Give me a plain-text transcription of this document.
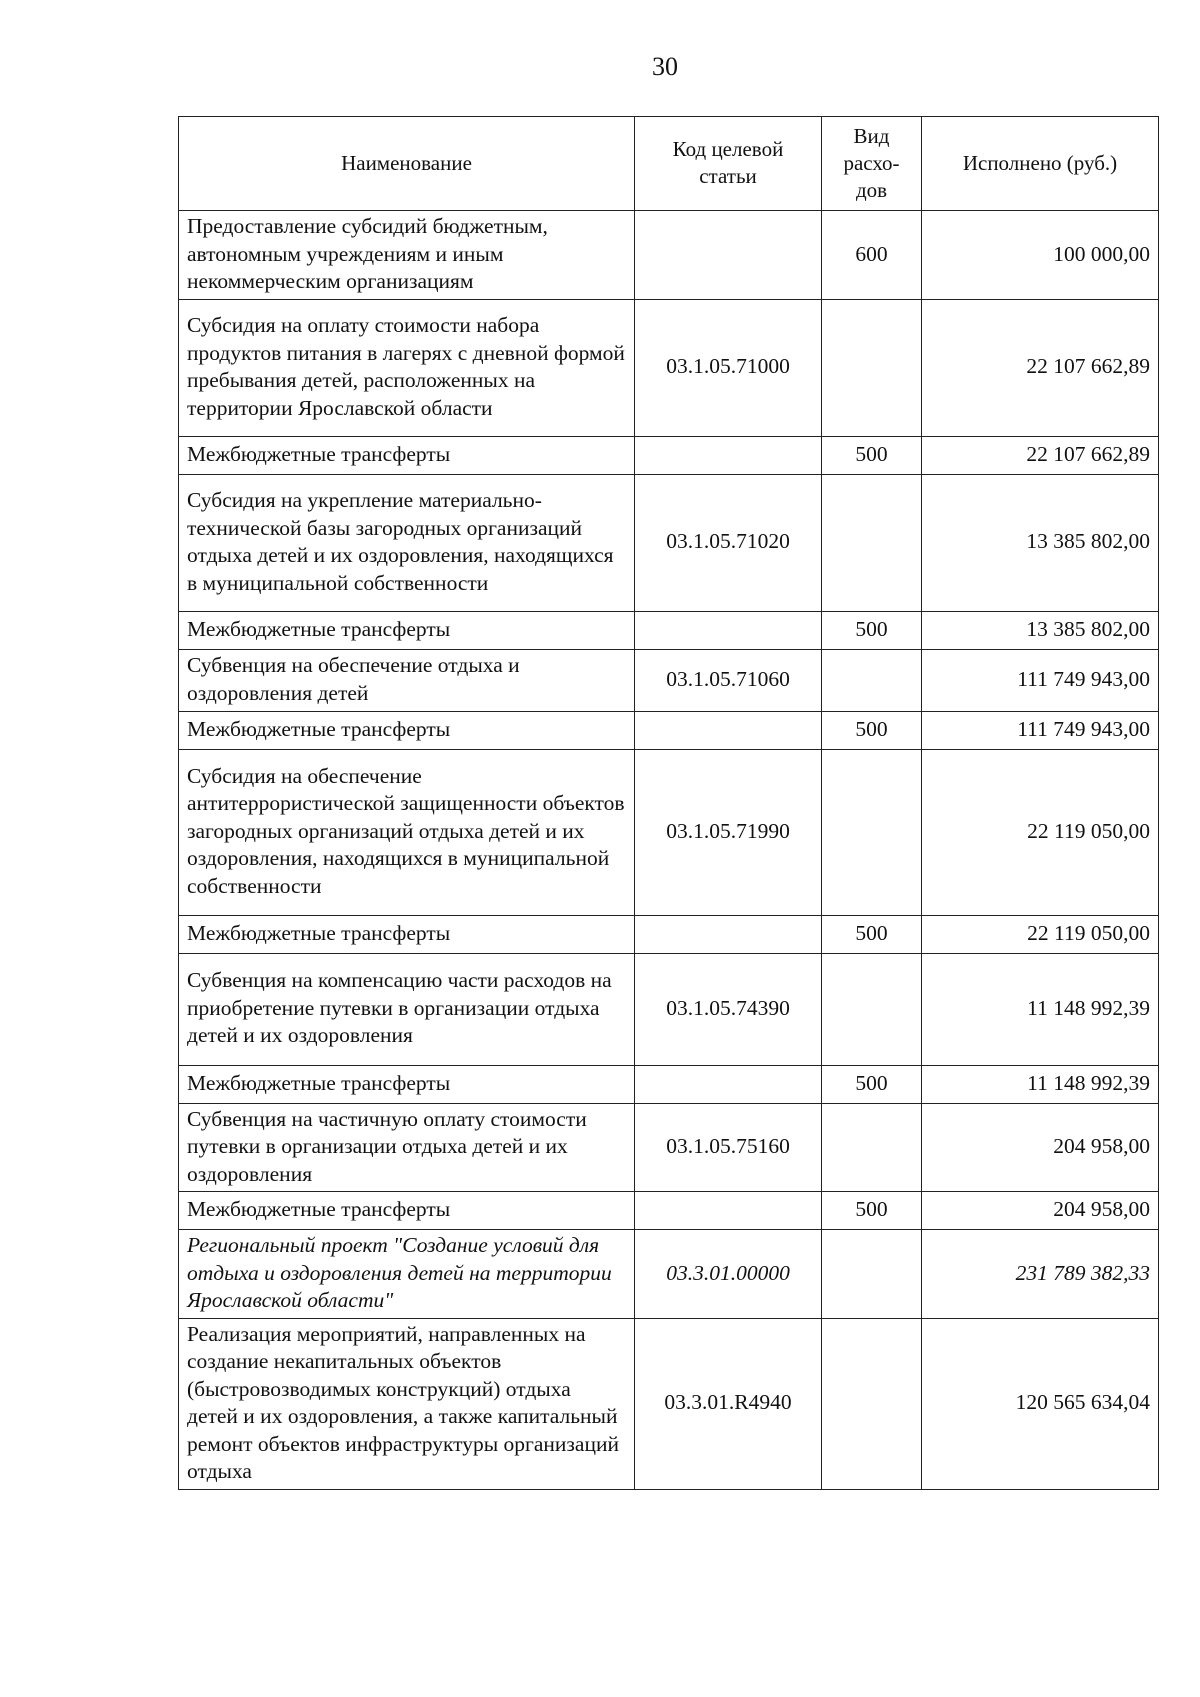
30
Наименование	Код целевой статьи	Вид расхо-дов	Исполнено (руб.)
Предоставление субсидий бюджетным, автономным учреждениям и иным некоммерческим организациям		600	100 000,00
Субсидия на оплату стоимости набора продуктов питания в лагерях с дневной формой пребывания детей, расположенных на территории Ярославской области	03.1.05.71000		22 107 662,89
Межбюджетные трансферты		500	22 107 662,89
Субсидия на укрепление материально-технической базы загородных организаций отдыха детей и их оздоровления, находящихся в муниципальной собственности	03.1.05.71020		13 385 802,00
Межбюджетные трансферты		500	13 385 802,00
Субвенция на обеспечение отдыха и оздоровления детей	03.1.05.71060		111 749 943,00
Межбюджетные трансферты		500	111 749 943,00
Субсидия на обеспечение антитеррористической защищенности объектов загородных организаций отдыха детей и их оздоровления, находящихся в муниципальной собственности	03.1.05.71990		22 119 050,00
Межбюджетные трансферты		500	22 119 050,00
Субвенция на компенсацию части расходов на приобретение путевки в организации отдыха детей и их оздоровления	03.1.05.74390		11 148 992,39
Межбюджетные трансферты		500	11 148 992,39
Субвенция на частичную оплату стоимости путевки в организации отдыха детей и их оздоровления	03.1.05.75160		204 958,00
Межбюджетные трансферты		500	204 958,00
Региональный проект "Создание условий для отдыха и оздоровления детей на территории Ярославской области"	03.3.01.00000		231 789 382,33
Реализация мероприятий, направленных на создание некапитальных объектов (быстровозводимых конструкций) отдыха детей и их оздоровления, а также капитальный ремонт объектов инфраструктуры организаций отдыха	03.3.01.R4940		120 565 634,04
